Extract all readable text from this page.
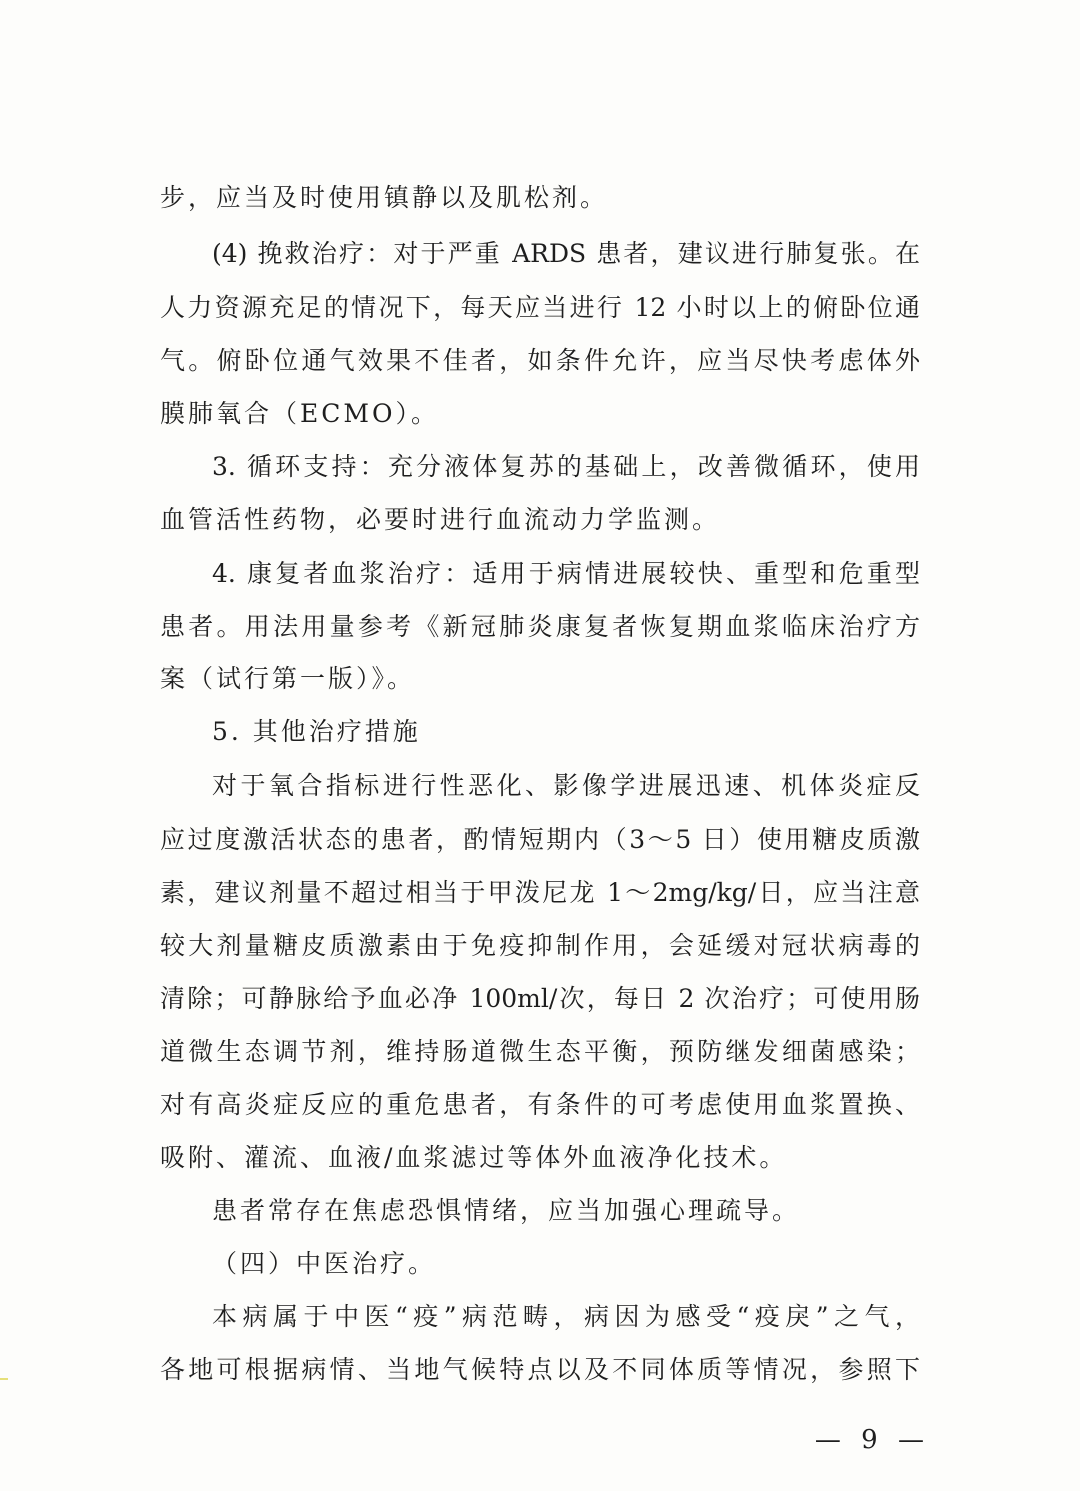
步，应当及时使用镇静以及肌松剂。
(4) 挽救治疗：对于严重 ARDS 患者，建议进行肺复张。在
人力资源充足的情况下，每天应当进行 12 小时以上的俯卧位通
气。俯卧位通气效果不佳者，如条件允许，应当尽快考虑体外
膜肺氧合（ECMO）。
3. 循环支持：充分液体复苏的基础上，改善微循环，使用
血管活性药物，必要时进行血流动力学监测。
4. 康复者血浆治疗：适用于病情进展较快、重型和危重型
患者。用法用量参考《新冠肺炎康复者恢复期血浆临床治疗方
案（试行第一版）》。
5. 其他治疗措施
对于氧合指标进行性恶化、影像学进展迅速、机体炎症反
应过度激活状态的患者，酌情短期内（3～5 日）使用糖皮质激
素，建议剂量不超过相当于甲泼尼龙 1～2mg/kg/日，应当注意
较大剂量糖皮质激素由于免疫抑制作用，会延缓对冠状病毒的
清除；可静脉给予血必净 100ml/次，每日 2 次治疗；可使用肠
道微生态调节剂，维持肠道微生态平衡，预防继发细菌感染；
对有高炎症反应的重危患者，有条件的可考虑使用血浆置换、
吸附、灌流、血液/血浆滤过等体外血液净化技术。
患者常存在焦虑恐惧情绪，应当加强心理疏导。
（四）中医治疗。
本病属于中医“疫”病范畴，病因为感受“疫戾”之气，
各地可根据病情、当地气候特点以及不同体质等情况，参照下
— 9 —
